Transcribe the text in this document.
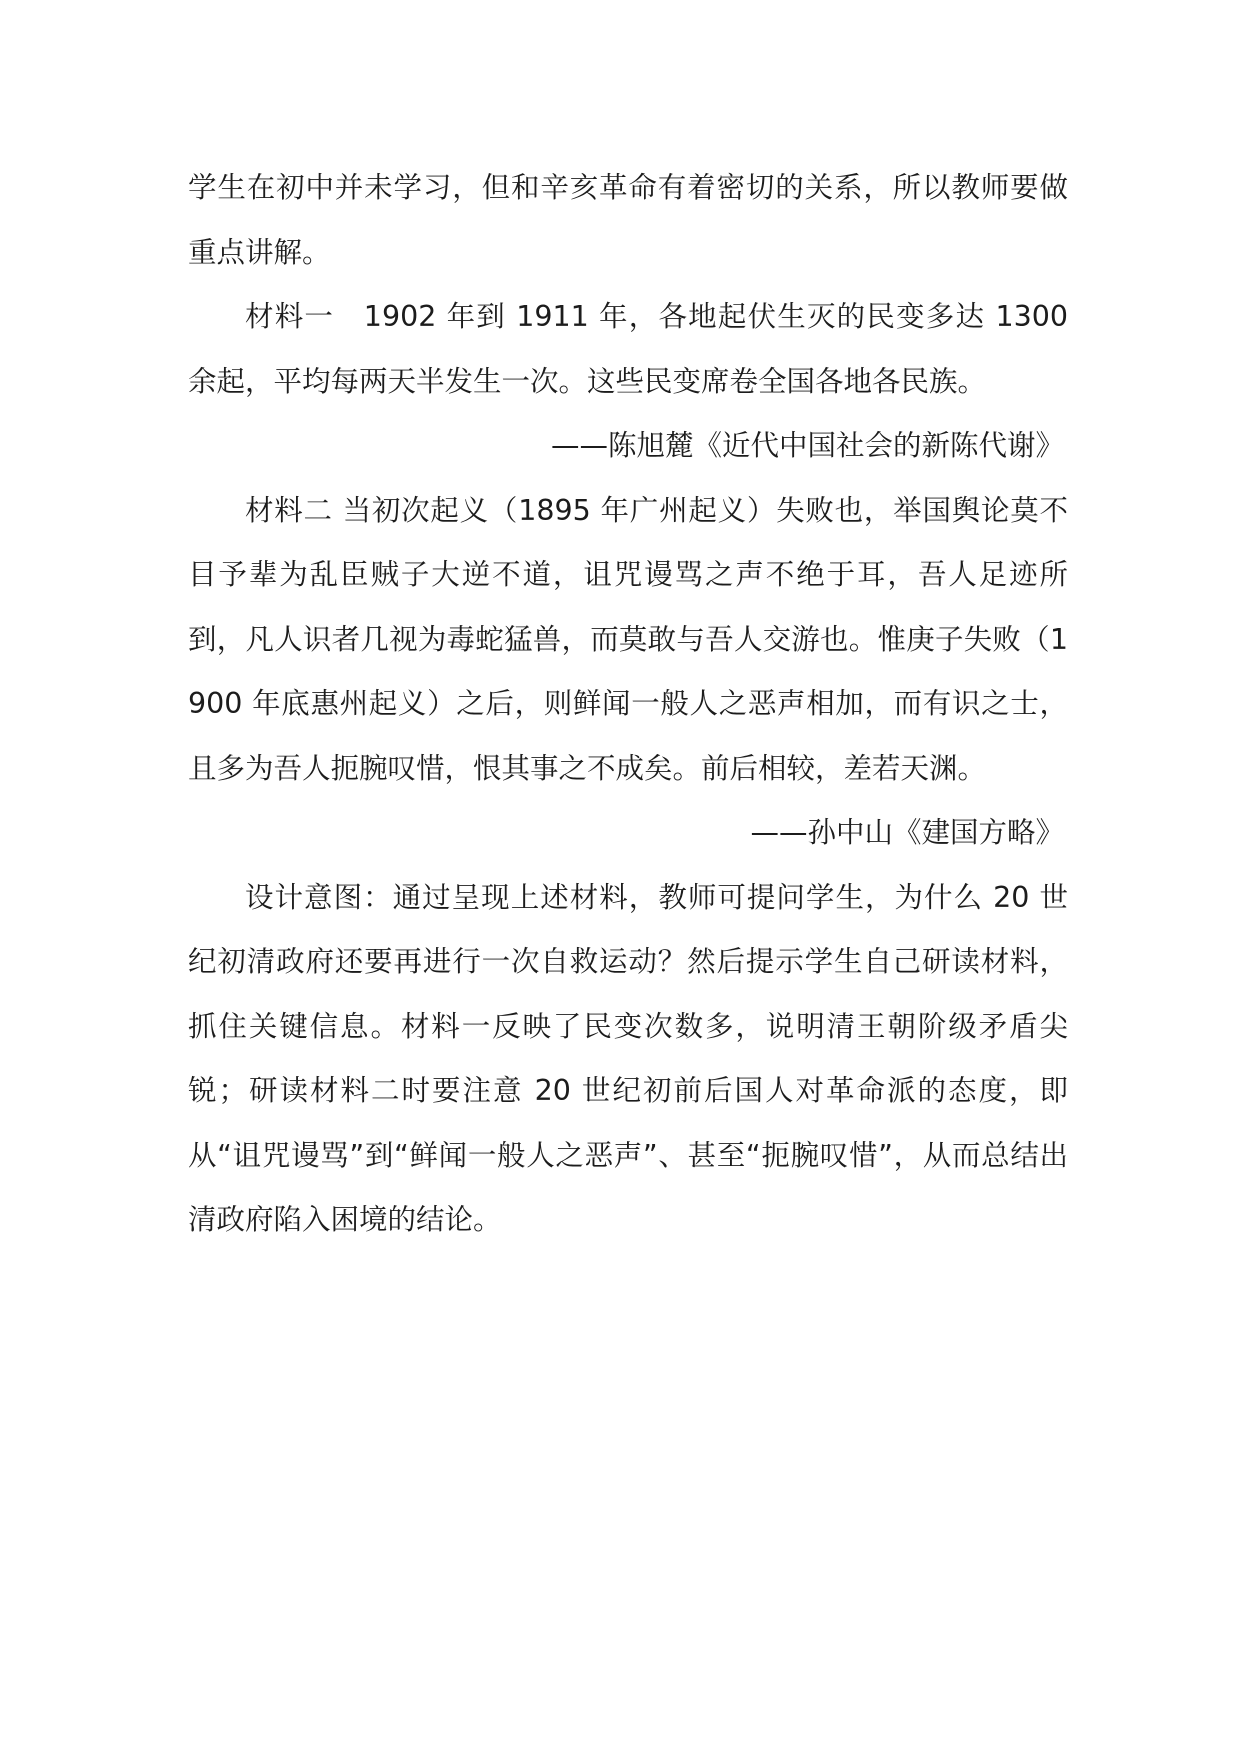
学生在初中并未学习，但和辛亥革命有着密切的关系，所以教师要做重点讲解。

材料一　1902 年到 1911 年，各地起伏生灭的民变多达 1300 余起，平均每两天半发生一次。这些民变席卷全国各地各民族。

——陈旭麓《近代中国社会的新陈代谢》

材料二 当初次起义（1895 年广州起义）失败也，举国舆论莫不目予辈为乱臣贼子大逆不道，诅咒谩骂之声不绝于耳，吾人足迹所到，凡人识者几视为毒蛇猛兽，而莫敢与吾人交游也。惟庚子失败（1900 年底惠州起义）之后，则鲜闻一般人之恶声相加，而有识之士，且多为吾人扼腕叹惜，恨其事之不成矣。前后相较，差若天渊。

——孙中山《建国方略》

设计意图：通过呈现上述材料，教师可提问学生，为什么 20 世纪初清政府还要再进行一次自救运动？然后提示学生自己研读材料，抓住关键信息。材料一反映了民变次数多，说明清王朝阶级矛盾尖锐；研读材料二时要注意 20 世纪初前后国人对革命派的态度，即从“诅咒谩骂”到“鲜闻一般人之恶声”、甚至“扼腕叹惜”，从而总结出清政府陷入困境的结论。
